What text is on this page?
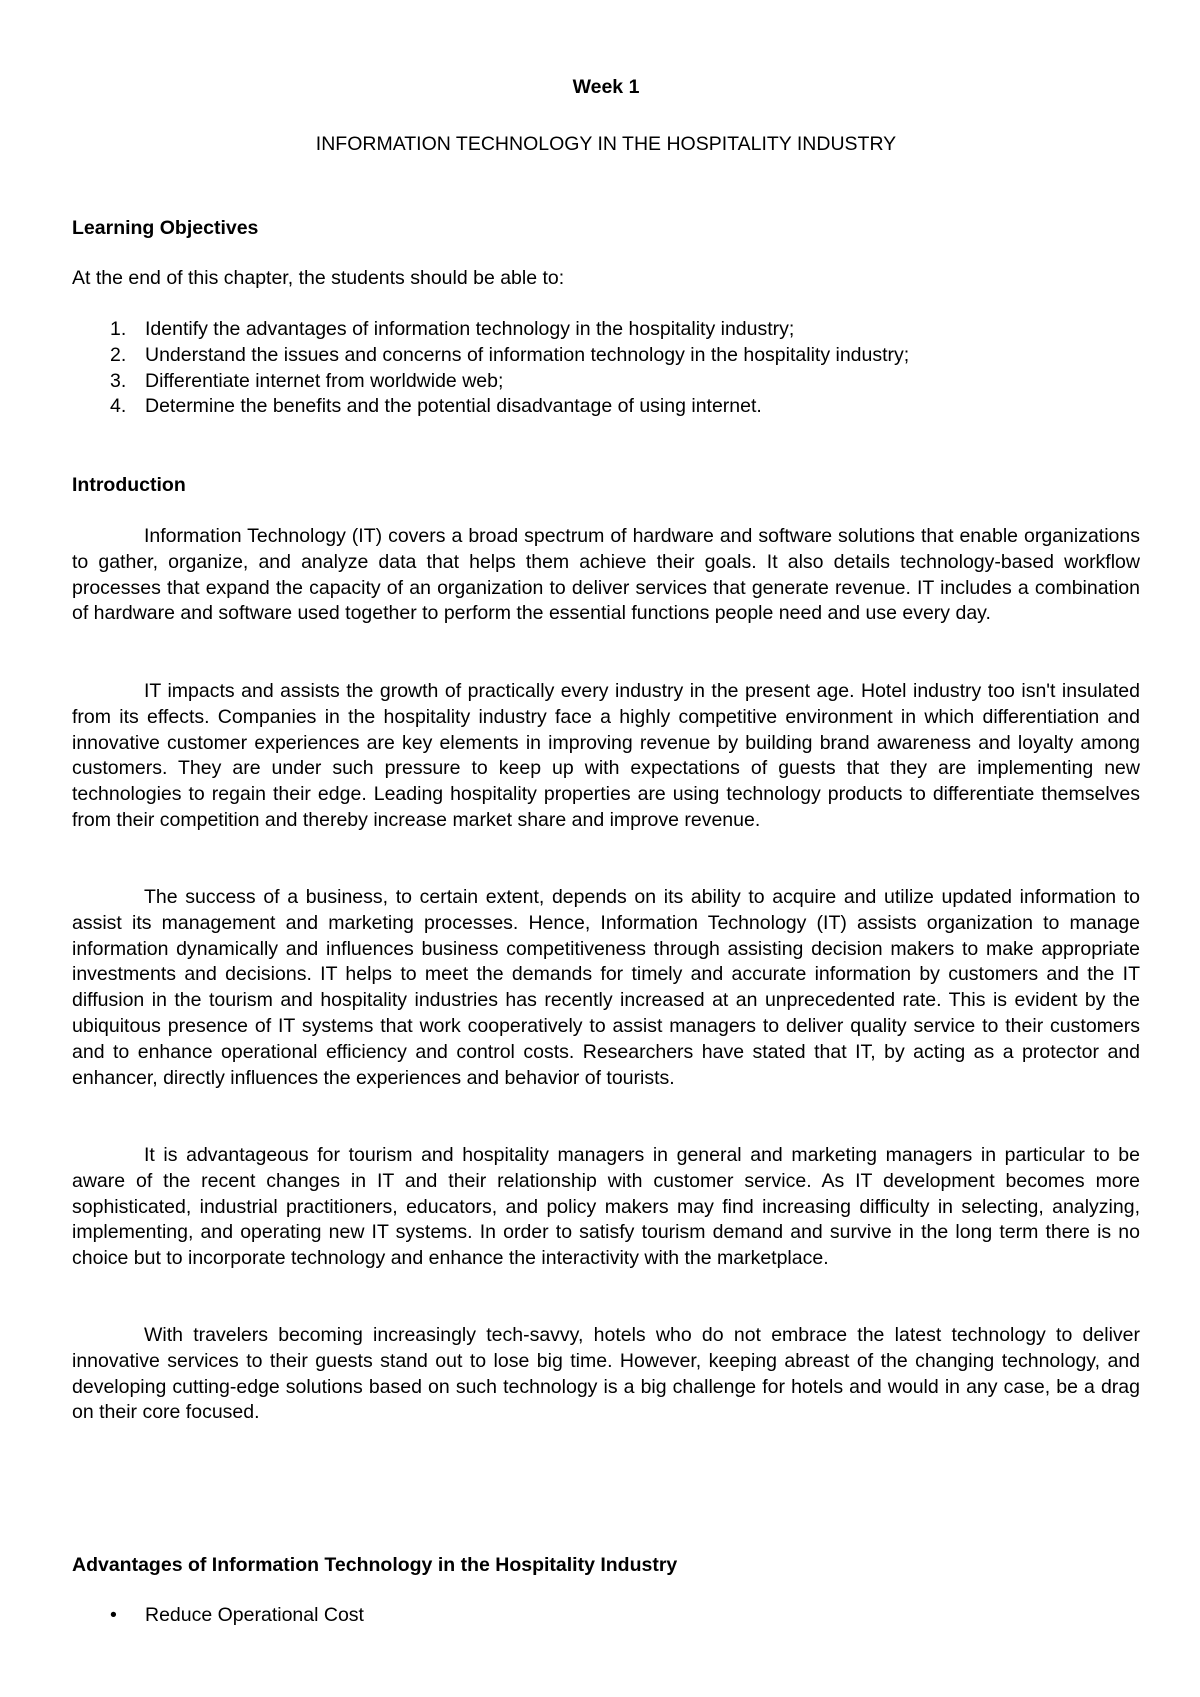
Week 1
INFORMATION TECHNOLOGY IN THE HOSPITALITY INDUSTRY
Learning Objectives
At the end of this chapter, the students should be able to:
1. Identify the advantages of information technology in the hospitality industry;
2. Understand the issues and concerns of information technology in the hospitality industry;
3. Differentiate internet from worldwide web;
4. Determine the benefits and the potential disadvantage of using internet.
Introduction

Information Technology (IT) covers a broad spectrum of hardware and software solutions that enable organizations to gather, organize, and analyze data that helps them achieve their goals. It also details technology-based workflow processes that expand the capacity of an organization to deliver services that generate revenue. IT includes a combination of hardware and software used together to perform the essential functions people need and use every day.

IT impacts and assists the growth of practically every industry in the present age. Hotel industry too isn't insulated from its effects. Companies in the hospitality industry face a highly competitive environment in which differentiation and innovative customer experiences are key elements in improving revenue by building brand awareness and loyalty among customers. They are under such pressure to keep up with expectations of guests that they are implementing new technologies to regain their edge. Leading hospitality properties are using technology products to differentiate themselves from their competition and thereby increase market share and improve revenue.

The success of a business, to certain extent, depends on its ability to acquire and utilize updated information to assist its management and marketing processes. Hence, Information Technology (IT) assists organization to manage information dynamically and influences business competitiveness through assisting decision makers to make appropriate investments and decisions. IT helps to meet the demands for timely and accurate information by customers and the IT diffusion in the tourism and hospitality industries has recently increased at an unprecedented rate. This is evident by the ubiquitous presence of IT systems that work cooperatively to assist managers to deliver quality service to their customers and to enhance operational efficiency and control costs. Researchers have stated that IT, by acting as a protector and enhancer, directly influences the experiences and behavior of tourists.

It is advantageous for tourism and hospitality managers in general and marketing managers in particular to be aware of the recent changes in IT and their relationship with customer service. As IT development becomes more sophisticated, industrial practitioners, educators, and policy makers may find increasing difficulty in selecting, analyzing, implementing, and operating new IT systems. In order to satisfy tourism demand and survive in the long term there is no choice but to incorporate technology and enhance the interactivity with the marketplace.

With travelers becoming increasingly tech-savvy, hotels who do not embrace the latest technology to deliver innovative services to their guests stand out to lose big time. However, keeping abreast of the changing technology, and developing cutting-edge solutions based on such technology is a big challenge for hotels and would in any case, be a drag on their core focused.

Advantages of Information Technology in the Hospitality Industry
• Reduce Operational Cost
